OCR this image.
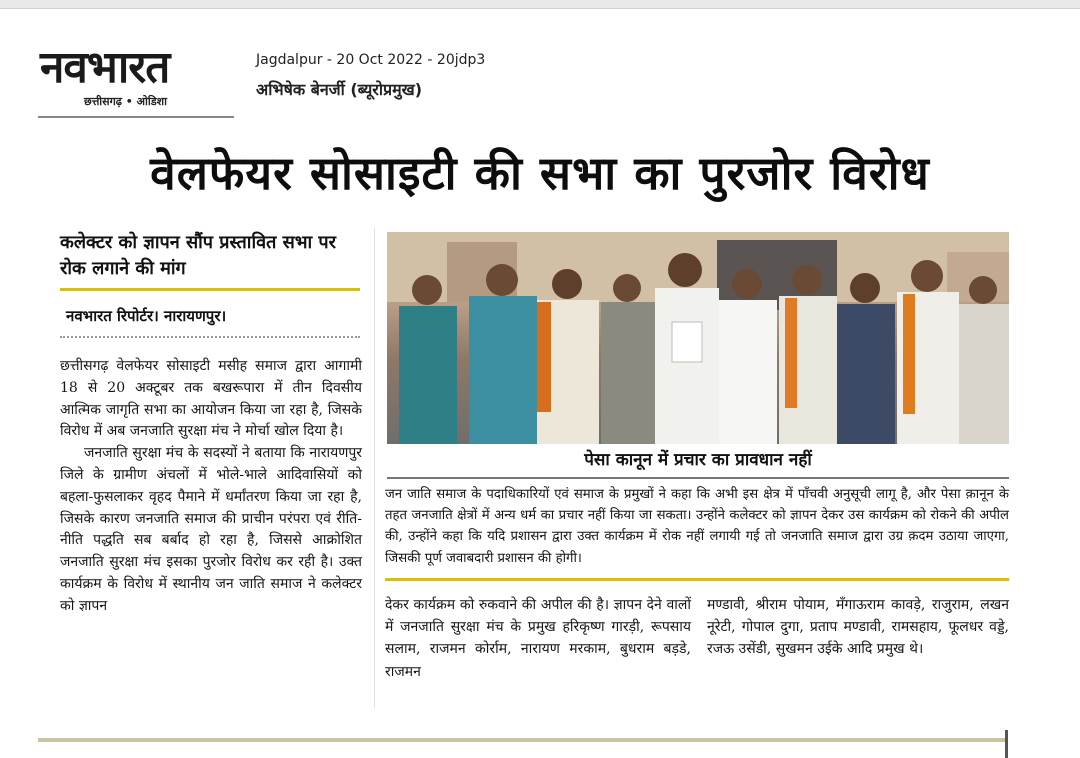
नवभारत
छत्तीसगढ़ • ओडिशा
Jagdalpur - 20 Oct 2022 - 20jdp3
अभिषेक बेनर्जी (ब्यूरोप्रमुख)
वेलफेयर सोसाइटी की सभा का पुरजोर विरोध
कलेक्टर को ज्ञापन सौंप प्रस्तावित सभा पर रोक लगाने की मांग
नवभारत रिपोर्टर। नारायणपुर।

छत्तीसगढ़ वेलफेयर सोसाइटी मसीह समाज द्वारा आगामी 18 से 20 अक्टूबर तक बखरूपारा में तीन दिवसीय आत्मिक जागृति सभा का आयोजन किया जा रहा है, जिसके विरोध में अब जनजाति सुरक्षा मंच ने मोर्चा खोल दिया है।

जनजाति सुरक्षा मंच के सदस्यों ने बताया कि नारायणपुर जिले के ग्रामीण अंचलों में भोले-भाले आदिवासियों को बहला-फुसलाकर वृहद पैमाने में धर्मांतरण किया जा रहा है, जिसके कारण जनजाति समाज की प्राचीन परंपरा एवं रीति-नीति पद्धति सब बर्बाद हो रहा है, जिससे आक्रोशित जनजाति सुरक्षा मंच इसका पुरजोर विरोध कर रही है। उक्त कार्यक्रम के विरोध में स्थानीय जन जाति समाज ने कलेक्टर को ज्ञापन

पेसा कानून में प्रचार का प्रावधान नहीं
जन जाति समाज के पदाधिकारियों एवं समाज के प्रमुखों ने कहा कि अभी इस क्षेत्र में पाँचवी अनुसूची लागू है, और पेसा क़ानून के तहत जनजाति क्षेत्रों में अन्य धर्म का प्रचार नहीं किया जा सकता। उन्होंने कलेक्टर को ज्ञापन देकर उस कार्यक्रम को रोकने की अपील की, उन्होंने कहा कि यदि प्रशासन द्वारा उक्त कार्यक्रम में रोक नहीं लगायी गई तो जनजाति समाज द्वारा उग्र क़दम उठाया जाएगा, जिसकी पूर्ण जवाबदारी प्रशासन की होगी।
देकर कार्यक्रम को रुकवाने की अपील की है। ज्ञापन देने वालों में जनजाति सुरक्षा मंच के प्रमुख हरिकृष्ण गारड़ी, रूपसाय सलाम, राजमन कोर्राम, नारायण मरकाम, बुधराम बड़डे, राजमन
मण्डावी, श्रीराम पोयाम, मँगाऊराम कावड़े, राजुराम, लखन नूरेटी, गोपाल दुगा, प्रताप मण्डावी, रामसहाय, फूलधर वड्डे, रजऊ उसेंडी, सुखमन उईके आदि प्रमुख थे।
